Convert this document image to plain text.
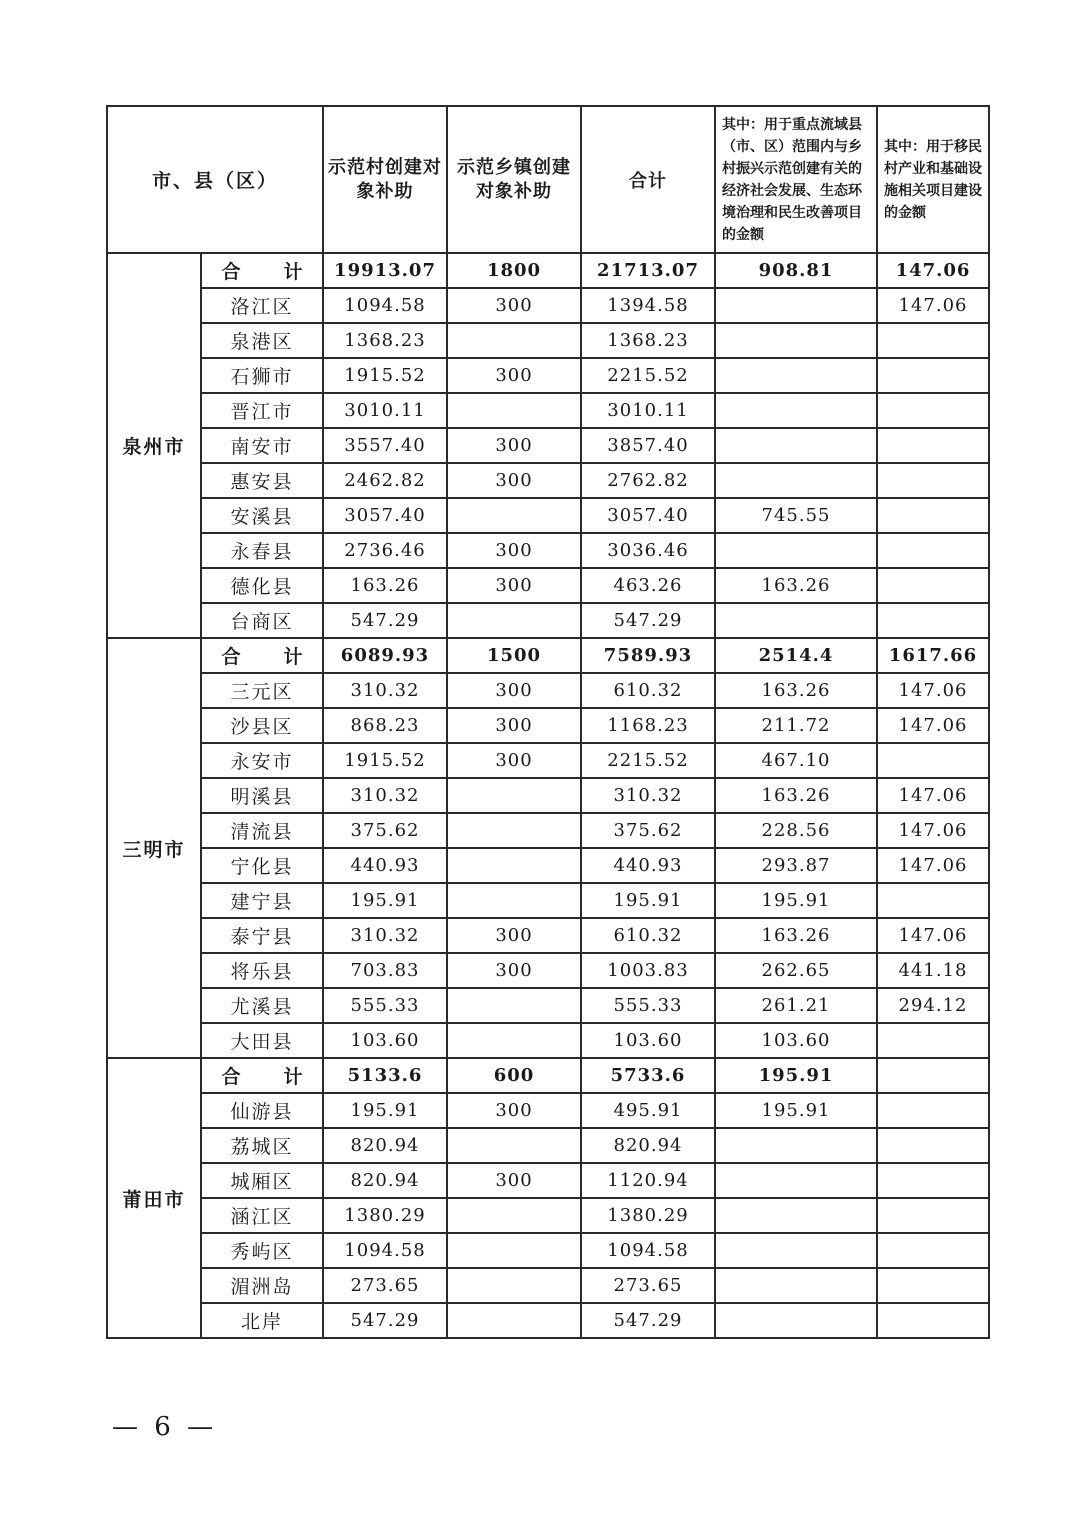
市、县（区）		示范村创建对象补助	示范乡镇创建对象补助	合计	其中：用于重点流域县（市、区）范围内与乡村振兴示范创建有关的经济社会发展、生态环境治理和民生改善项目的金额	其中：用于移民村产业和基础设施相关项目建设的金额
泉州市	合　计	19913.07	1800	21713.07	908.81	147.06
	洛江区	1094.58	300	1394.58		147.06
	泉港区	1368.23		1368.23		
	石狮市	1915.52	300	2215.52		
	晋江市	3010.11		3010.11		
	南安市	3557.40	300	3857.40		
	惠安县	2462.82	300	2762.82		
	安溪县	3057.40		3057.40	745.55	
	永春县	2736.46	300	3036.46		
	德化县	163.26	300	463.26	163.26	
	台商区	547.29		547.29		
三明市	合　计	6089.93	1500	7589.93	2514.4	1617.66
	三元区	310.32	300	610.32	163.26	147.06
	沙县区	868.23	300	1168.23	211.72	147.06
	永安市	1915.52	300	2215.52	467.10	
	明溪县	310.32		310.32	163.26	147.06
	清流县	375.62		375.62	228.56	147.06
	宁化县	440.93		440.93	293.87	147.06
	建宁县	195.91		195.91	195.91	
	泰宁县	310.32	300	610.32	163.26	147.06
	将乐县	703.83	300	1003.83	262.65	441.18
	尤溪县	555.33		555.33	261.21	294.12
	大田县	103.60		103.60	103.60	
莆田市	合　计	5133.6	600	5733.6	195.91	
	仙游县	195.91	300	495.91	195.91	
	荔城区	820.94		820.94		
	城厢区	820.94	300	1120.94		
	涵江区	1380.29		1380.29		
	秀屿区	1094.58		1094.58		
	湄洲岛	273.65		273.65		
	北岸	547.29		547.29		
— 6 —
